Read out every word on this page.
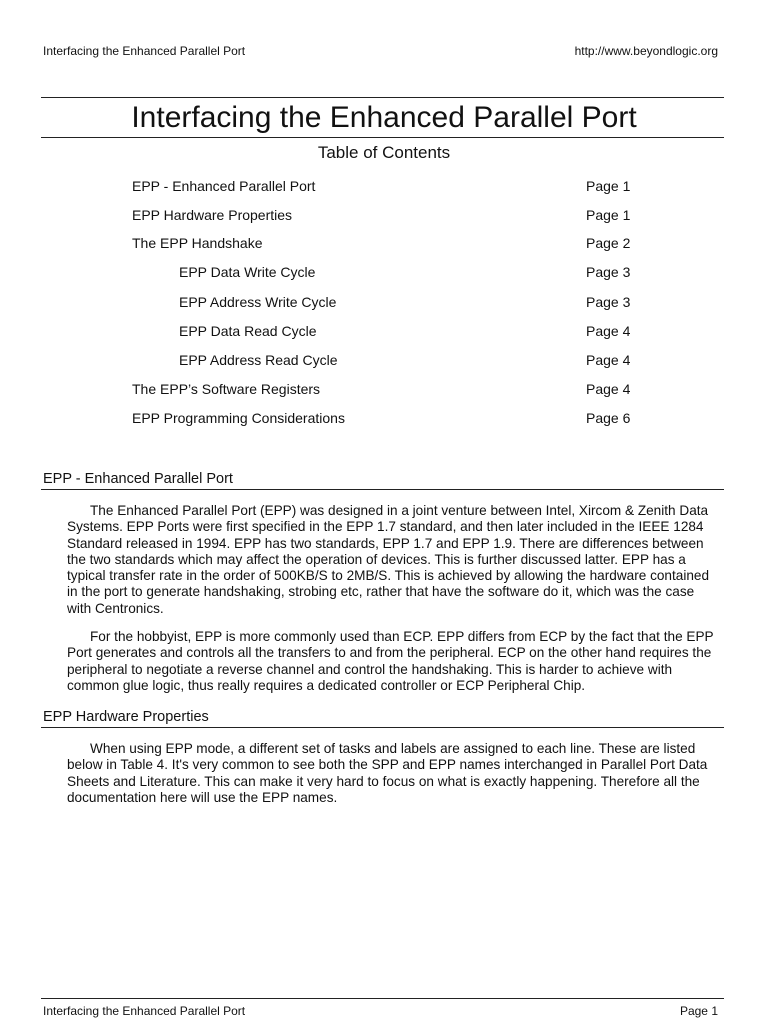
Interfacing the Enhanced Parallel Port	http://www.beyondlogic.org
Interfacing the Enhanced Parallel Port
Table of Contents
EPP - Enhanced Parallel Port	Page 1
EPP Hardware Properties	Page 1
The EPP Handshake	Page 2
EPP Data Write Cycle	Page 3
EPP Address Write Cycle	Page 3
EPP Data Read Cycle	Page 4
EPP Address Read Cycle	Page 4
The EPP’s Software Registers	Page 4
EPP Programming Considerations	Page 6
EPP - Enhanced Parallel Port

The Enhanced Parallel Port (EPP) was designed in a joint venture between Intel, Xircom & Zenith Data Systems. EPP Ports were first specified in the EPP 1.7 standard, and then later included in the IEEE 1284 Standard released in 1994. EPP has two standards, EPP 1.7 and EPP 1.9. There are differences between the two standards which may affect the operation of devices. This is further discussed latter. EPP has a typical transfer rate in the order of 500KB/S to 2MB/S. This is achieved by allowing the hardware contained in the port to generate handshaking, strobing etc, rather that have the software do it, which was the case with Centronics.

For the hobbyist, EPP is more commonly used than ECP. EPP differs from ECP by the fact that the EPP Port generates and controls all the transfers to and from the peripheral. ECP on the other hand requires the peripheral to negotiate a reverse channel and control the handshaking. This is harder to achieve with common glue logic, thus really requires a dedicated controller or ECP Peripheral Chip.

EPP Hardware Properties

When using EPP mode, a different set of tasks and labels are assigned to each line. These are listed below in Table 4. It's very common to see both the SPP and EPP names interchanged in Parallel Port Data Sheets and Literature. This can make it very hard to focus on what is exactly happening. Therefore all the documentation here will use the EPP names.

Interfacing the Enhanced Parallel Port	Page 1
